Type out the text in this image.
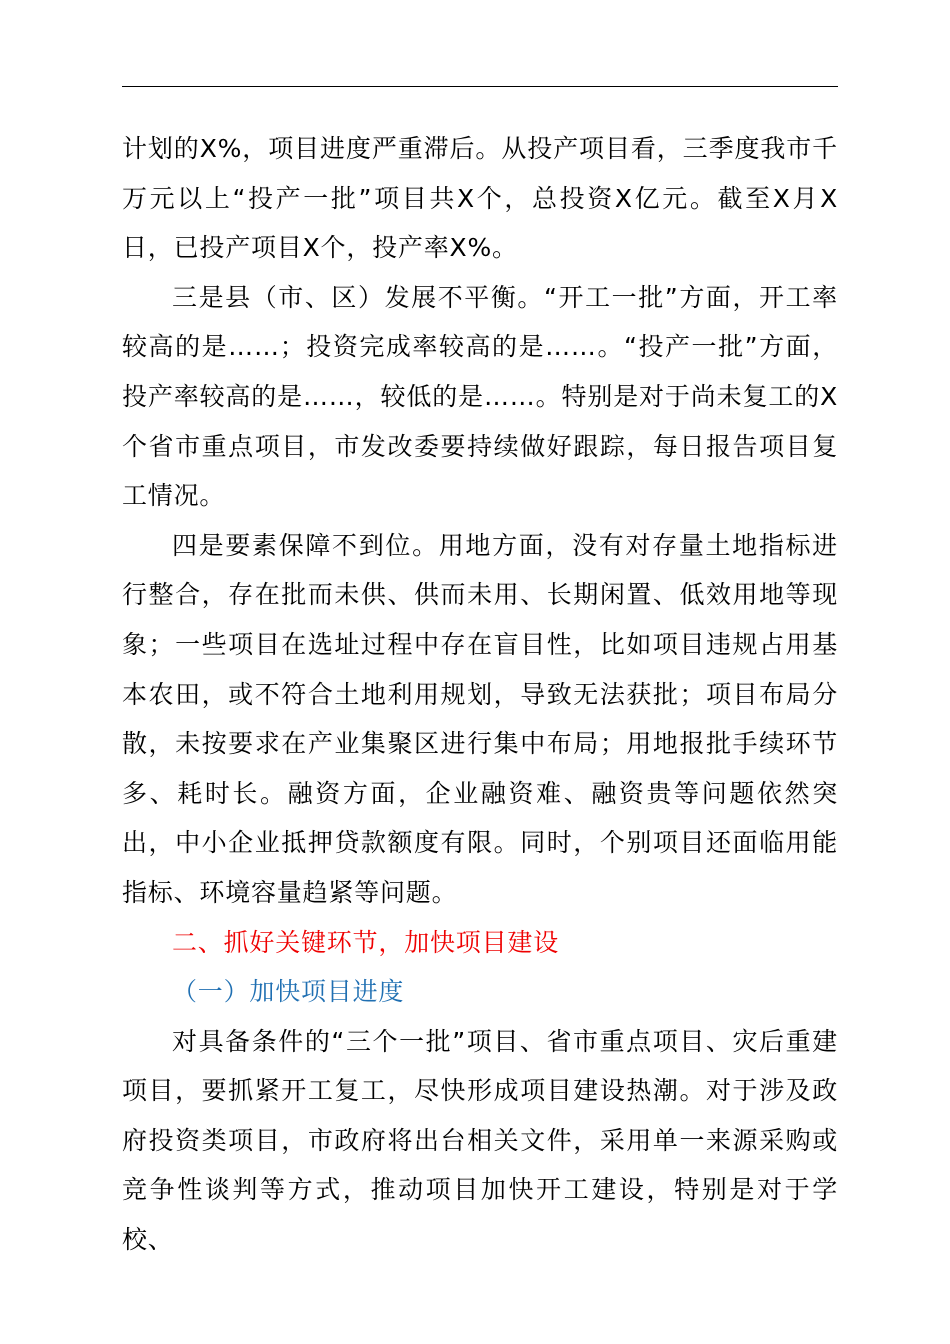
计划的X%，项目进度严重滞后。从投产项目看，三季度我市千万元以上“投产一批”项目共X个，总投资X亿元。截至X月X日，已投产项目X个，投产率X%。

三是县（市、区）发展不平衡。“开工一批”方面，开工率较高的是……；投资完成率较高的是……。“投产一批”方面，投产率较高的是……，较低的是……。特别是对于尚未复工的X个省市重点项目，市发改委要持续做好跟踪，每日报告项目复工情况。

四是要素保障不到位。用地方面，没有对存量土地指标进行整合，存在批而未供、供而未用、长期闲置、低效用地等现象；一些项目在选址过程中存在盲目性，比如项目违规占用基本农田，或不符合土地利用规划，导致无法获批；项目布局分散，未按要求在产业集聚区进行集中布局；用地报批手续环节多、耗时长。融资方面，企业融资难、融资贵等问题依然突出，中小企业抵押贷款额度有限。同时，个别项目还面临用能指标、环境容量趋紧等问题。

二、抓好关键环节，加快项目建设

（一）加快项目进度

对具备条件的“三个一批”项目、省市重点项目、灾后重建项目，要抓紧开工复工，尽快形成项目建设热潮。对于涉及政府投资类项目，市政府将出台相关文件，采用单一来源采购或竞争性谈判等方式，推动项目加快开工建设，特别是对于学校、
